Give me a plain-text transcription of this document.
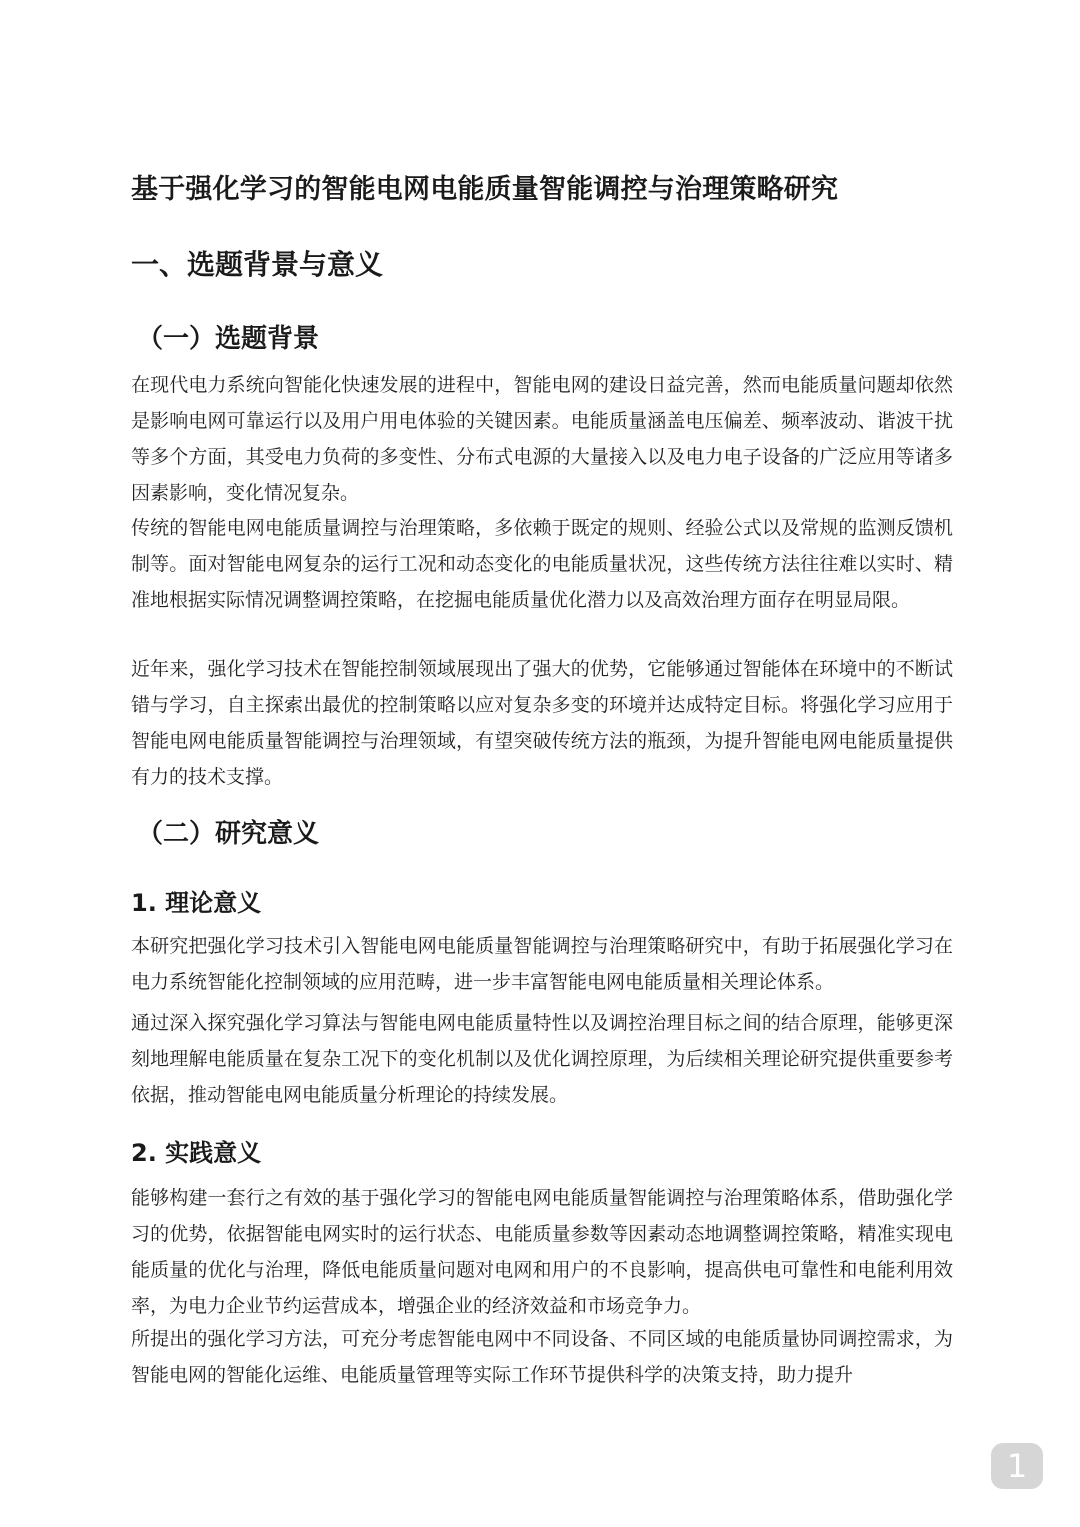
基于强化学习的智能电网电能质量智能调控与治理策略研究
一、选题背景与意义
（一）选题背景

在现代电力系统向智能化快速发展的进程中，智能电网的建设日益完善，然而电能质量问题却依然是影响电网可靠运行以及用户用电体验的关键因素。电能质量涵盖电压偏差、频率波动、谐波干扰等多个方面，其受电力负荷的多变性、分布式电源的大量接入以及电力电子设备的广泛应用等诸多因素影响，变化情况复杂。

传统的智能电网电能质量调控与治理策略，多依赖于既定的规则、经验公式以及常规的监测反馈机制等。面对智能电网复杂的运行工况和动态变化的电能质量状况，这些传统方法往往难以实时、精准地根据实际情况调整调控策略，在挖掘电能质量优化潜力以及高效治理方面存在明显局限。

近年来，强化学习技术在智能控制领域展现出了强大的优势，它能够通过智能体在环境中的不断试错与学习，自主探索出最优的控制策略以应对复杂多变的环境并达成特定目标。将强化学习应用于智能电网电能质量智能调控与治理领域，有望突破传统方法的瓶颈，为提升智能电网电能质量提供有力的技术支撑。

（二）研究意义
1. 理论意义

本研究把强化学习技术引入智能电网电能质量智能调控与治理策略研究中，有助于拓展强化学习在电力系统智能化控制领域的应用范畴，进一步丰富智能电网电能质量相关理论体系。

通过深入探究强化学习算法与智能电网电能质量特性以及调控治理目标之间的结合原理，能够更深刻地理解电能质量在复杂工况下的变化机制以及优化调控原理，为后续相关理论研究提供重要参考依据，推动智能电网电能质量分析理论的持续发展。

2. 实践意义

能够构建一套行之有效的基于强化学习的智能电网电能质量智能调控与治理策略体系，借助强化学习的优势，依据智能电网实时的运行状态、电能质量参数等因素动态地调整调控策略，精准实现电能质量的优化与治理，降低电能质量问题对电网和用户的不良影响，提高供电可靠性和电能利用效率，为电力企业节约运营成本，增强企业的经济效益和市场竞争力。

所提出的强化学习方法，可充分考虑智能电网中不同设备、不同区域的电能质量协同调控需求，为智能电网的智能化运维、电能质量管理等实际工作环节提供科学的决策支持，助力提升

1
